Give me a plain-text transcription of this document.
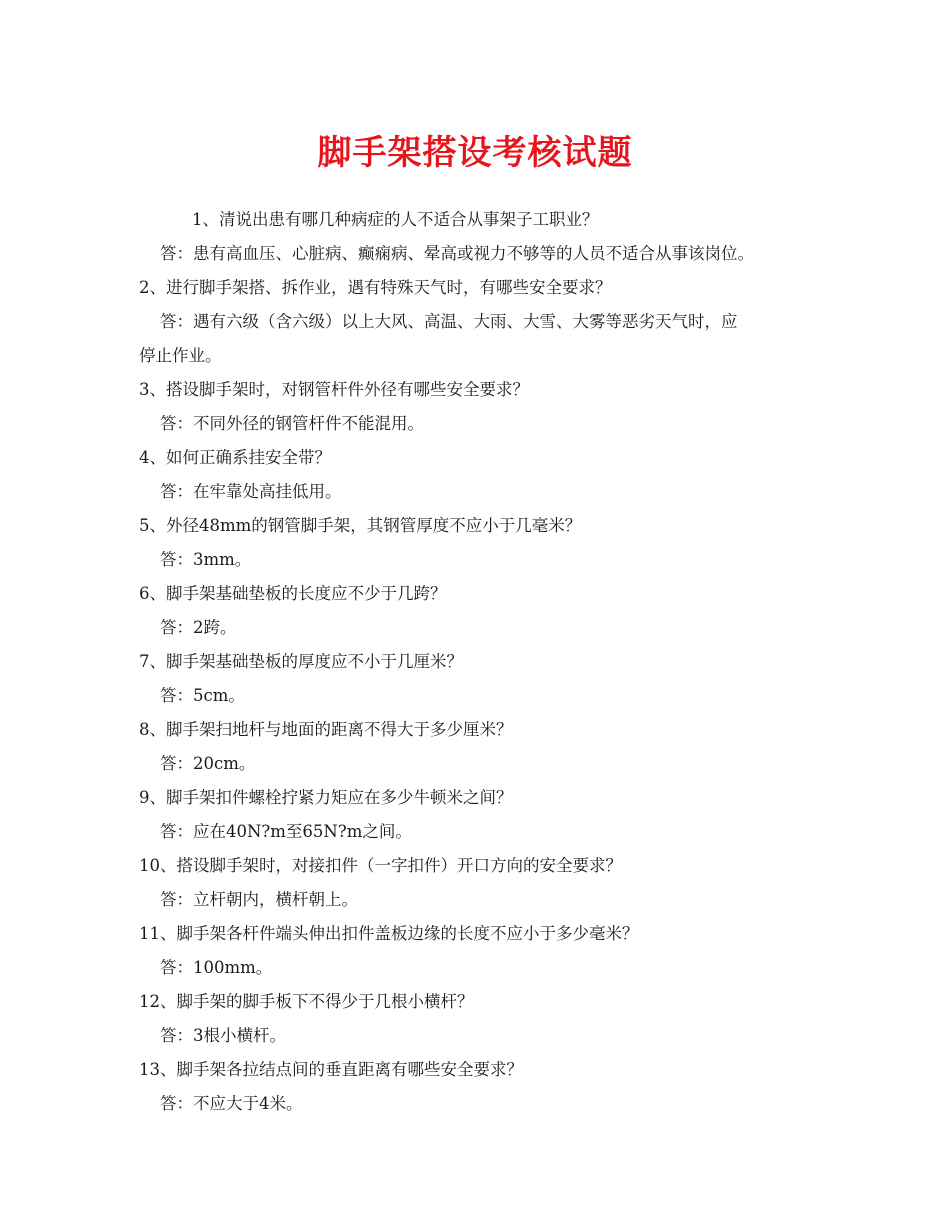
脚手架搭设考核试题
1、清说出患有哪几种病症的人不适合从事架子工职业？
答：患有高血压、心脏病、癫痫病、晕高或视力不够等的人员不适合从事该岗位。
2、进行脚手架搭、拆作业，遇有特殊天气时，有哪些安全要求？
答：遇有六级（含六级）以上大风、高温、大雨、大雪、大雾等恶劣天气时，应
停止作业。
3、搭设脚手架时，对钢管杆件外径有哪些安全要求？
答：不同外径的钢管杆件不能混用。
4、如何正确系挂安全带？
答：在牢靠处高挂低用。
5、外径48mm的钢管脚手架，其钢管厚度不应小于几毫米？
答：3mm。
6、脚手架基础垫板的长度应不少于几跨？
答：2跨。
7、脚手架基础垫板的厚度应不小于几厘米？
答：5cm。
8、脚手架扫地杆与地面的距离不得大于多少厘米？
答：20cm。
9、脚手架扣件螺栓拧紧力矩应在多少牛顿米之间？
答：应在40N?m至65N?m之间。
10、搭设脚手架时，对接扣件（一字扣件）开口方向的安全要求？
答：立杆朝内，横杆朝上。
11、脚手架各杆件端头伸出扣件盖板边缘的长度不应小于多少毫米？
答：100mm。
12、脚手架的脚手板下不得少于几根小横杆？
答：3根小横杆。
13、脚手架各拉结点间的垂直距离有哪些安全要求？
答：不应大于4米。
